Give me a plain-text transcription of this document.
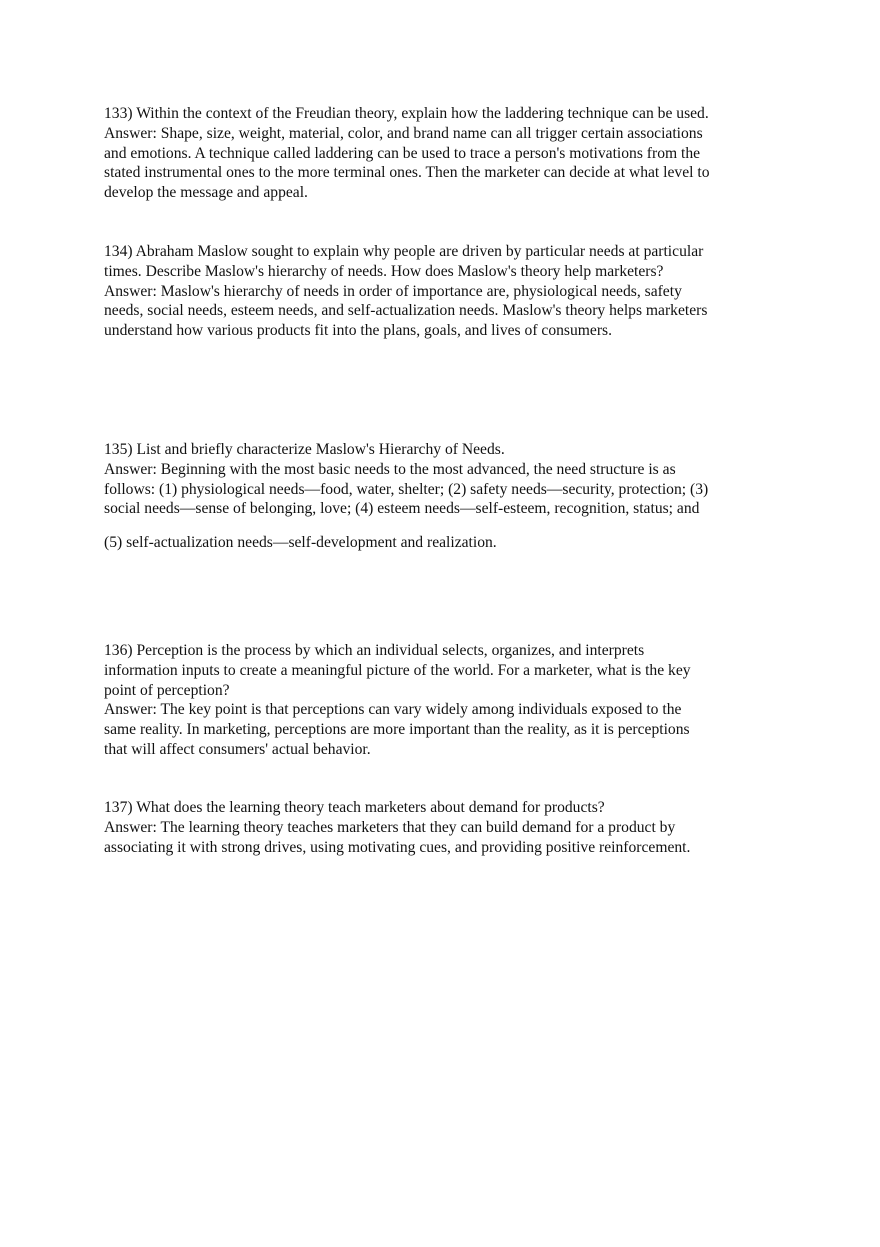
133) Within the context of the Freudian theory, explain how the laddering technique can be used.
Answer: Shape, size, weight, material, color, and brand name can all trigger certain associations
and emotions. A technique called laddering can be used to trace a person's motivations from the
stated instrumental ones to the more terminal ones. Then the marketer can decide at what level to
develop the message and appeal.
134) Abraham Maslow sought to explain why people are driven by particular needs at particular
times. Describe Maslow's hierarchy of needs. How does Maslow's theory help marketers?
Answer: Maslow's hierarchy of needs in order of importance are, physiological needs, safety
needs, social needs, esteem needs, and self-actualization needs. Maslow's theory helps marketers
understand how various products fit into the plans, goals, and lives of consumers.
135) List and briefly characterize Maslow's Hierarchy of Needs.
Answer: Beginning with the most basic needs to the most advanced, the need structure is as
follows: (1) physiological needs—food, water, shelter; (2) safety needs—security, protection; (3)
social needs—sense of belonging, love; (4) esteem needs—self-esteem, recognition, status; and
(5) self-actualization needs—self-development and realization.
136) Perception is the process by which an individual selects, organizes, and interprets
information inputs to create a meaningful picture of the world. For a marketer, what is the key
point of perception?
Answer: The key point is that perceptions can vary widely among individuals exposed to the
same reality. In marketing, perceptions are more important than the reality, as it is perceptions
that will affect consumers' actual behavior.
137) What does the learning theory teach marketers about demand for products?
Answer: The learning theory teaches marketers that they can build demand for a product by
associating it with strong drives, using motivating cues, and providing positive reinforcement.
